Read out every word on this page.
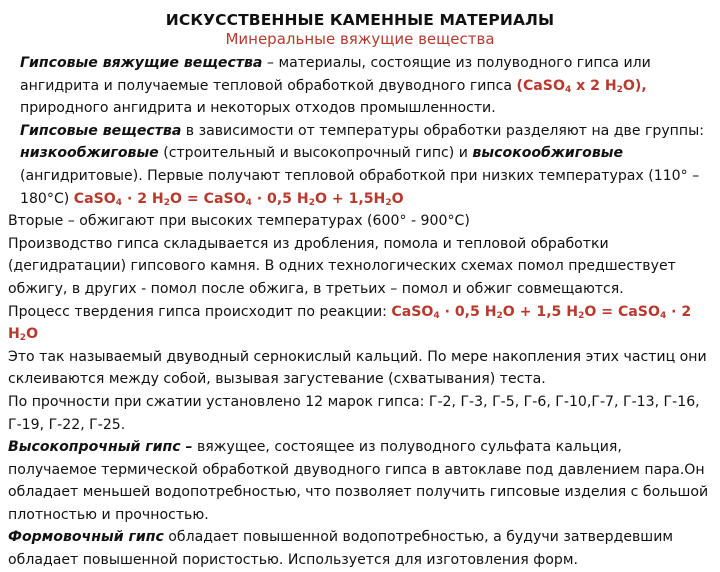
ИСКУССТВЕННЫЕ КАМЕННЫЕ МАТЕРИАЛЫ
Минеральные вяжущие вещества

Гипсовые вяжущие вещества – материалы, состоящие из полуводного гипса или ангидрита и получаемые тепловой обработкой двуводного гипса (CaSO$_4$ x 2 $H_2O$), природного ангидрита и некоторых отходов промышленности.

Гипсовые вещества в зависимости от температуры обработки разделяют на две группы: низкообжиговые (строительный и высокопрочный гипс) и высокообжиговые (ангидритовые). Первые получают тепловой обработкой при низких температурах (110° – 180°C) CaSO$_4$ · 2 $H_2O$ = CaSO$_4$ · 0,5 $H_2O + 1,5H_2O$

Вторые – обжигают при высоких температурах (600° - 900°C)

Производство гипса складывается из дробления, помола и тепловой обработки (дегидратации) гипсового камня. В одних технологических схемах помол предшествует обжигу, в других - помол после обжига, в третьих – помол и обжиг совмещаются.

Процесс твердения гипса происходит по реакции: CaSO$_4$ · 0,5 $H_2O + 1,5$ $H_2O$ = CaSO$_4$ · 2 $H_2O$

Это так называемый двуводный сернокислый кальций. По мере накопления этих частиц они склеиваются между собой, вызывая загустевание (схватывания) теста.

По прочности при сжатии установлено 12 марок гипса: Г-2, Г-3, Г-5, Г-6, Г-10,Г-7, Г-13, Г-16, Г-19, Г-22, Г-25.

Высокопрочный гипс – вяжущее, состоящее из полуводного сульфата кальция, получаемое термической обработкой двуводного гипса в автоклаве под давлением пара.Он обладает меньшей водопотребностью, что позволяет получить гипсовые изделия с большой плотностью и прочностью.

Формовочный гипс обладает повышенной водопотребностью, а будучи затвердевшим обладает повышенной пористостью. Используется для изготовления форм.
